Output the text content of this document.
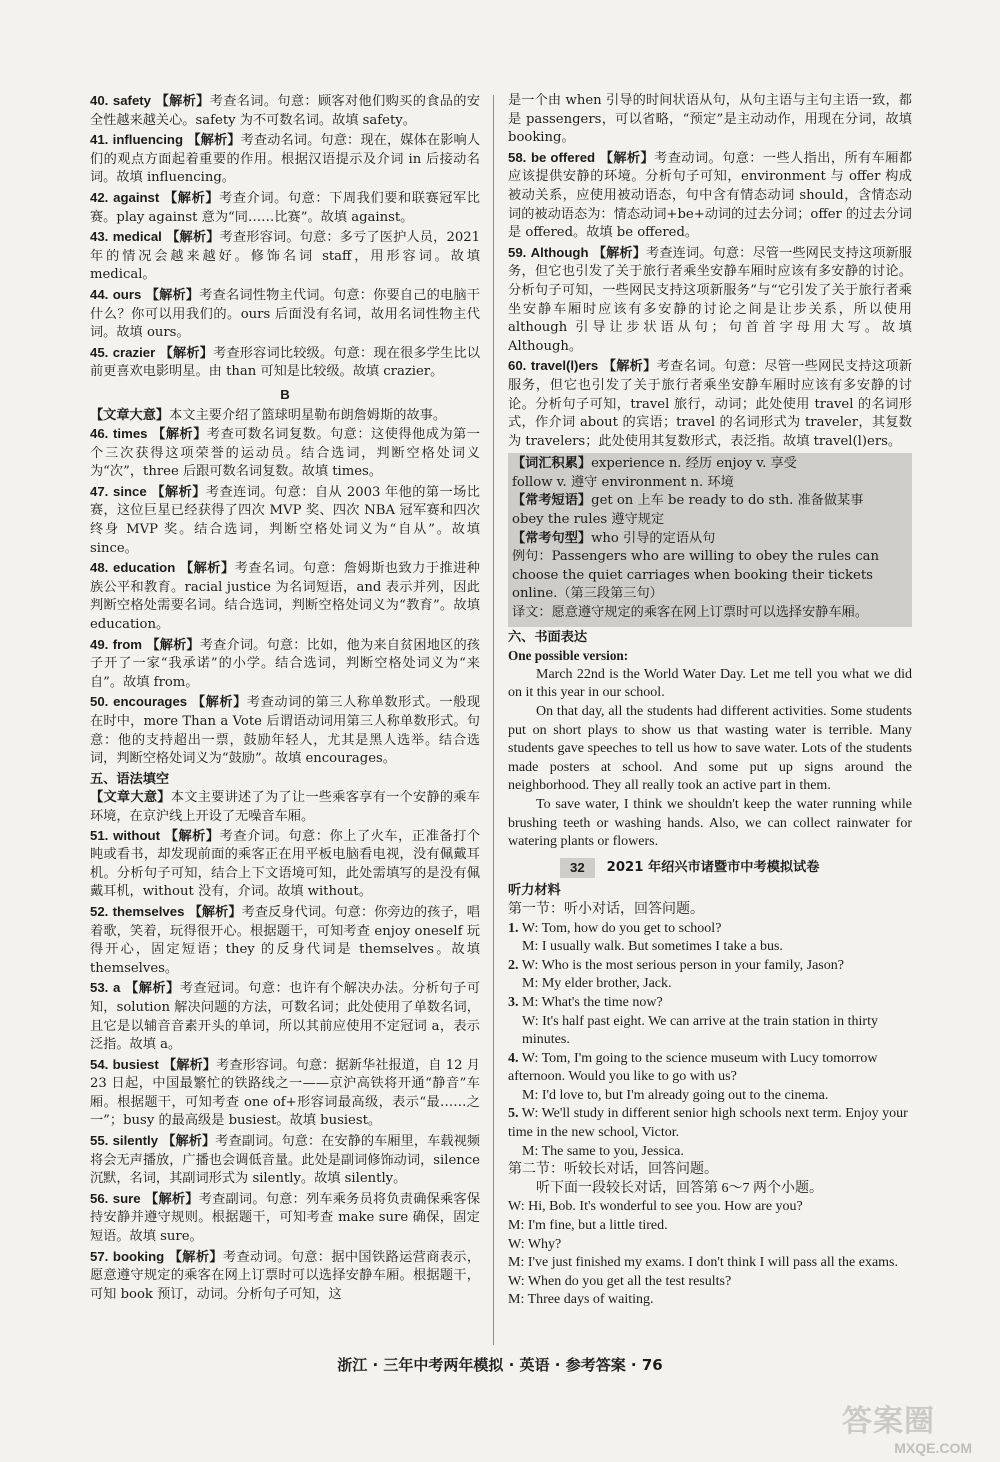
40. safety 【解析】考查名词。句意：顾客对他们购买的食品的安全性越来越关心。safety 为不可数名词。故填 safety。

41. influencing 【解析】考查动名词。句意：现在，媒体在影响人们的观点方面起着重要的作用。根据汉语提示及介词 in 后接动名词。故填 influencing。

42. against 【解析】考查介词。句意：下周我们要和联赛冠军比赛。play against 意为“同……比赛”。故填 against。

43. medical 【解析】考查形容词。句意：多亏了医护人员，2021 年的情况会越来越好。修饰名词 staff，用形容词。故填 medical。

44. ours 【解析】考查名词性物主代词。句意：你要自己的电脑干什么？你可以用我们的。ours 后面没有名词，故用名词性物主代词。故填 ours。

45. crazier 【解析】考查形容词比较级。句意：现在很多学生比以前更喜欢电影明星。由 than 可知是比较级。故填 crazier。

B

【文章大意】本文主要介绍了篮球明星勒布朗詹姆斯的故事。

46. times 【解析】考查可数名词复数。句意：这使得他成为第一个三次获得这项荣誉的运动员。结合选词，判断空格处词义为“次”，three 后跟可数名词复数。故填 times。

47. since 【解析】考查连词。句意：自从 2003 年他的第一场比赛，这位巨星已经获得了四次 MVP 奖、四次 NBA 冠军赛和四次终身 MVP 奖。结合选词，判断空格处词义为“自从”。故填 since。

48. education 【解析】考查名词。句意：詹姆斯也致力于推进种族公平和教育。racial justice 为名词短语，and 表示并列，因此判断空格处需要名词。结合选词，判断空格处词义为“教育”。故填 education。

49. from 【解析】考查介词。句意：比如，他为来自贫困地区的孩子开了一家“我承诺”的小学。结合选词，判断空格处词义为“来自”。故填 from。

50. encourages 【解析】考查动词的第三人称单数形式。一般现在时中，more Than a Vote 后谓语动词用第三人称单数形式。句意：他的支持超出一票，鼓励年轻人，尤其是黑人选举。结合选词，判断空格处词义为“鼓励”。故填 encourages。

五、语法填空

【文章大意】本文主要讲述了为了让一些乘客享有一个安静的乘车环境，在京沪线上开设了无噪音车厢。

51. without 【解析】考查介词。句意：你上了火车，正准备打个盹或看书，却发现前面的乘客正在用平板电脑看电视，没有佩戴耳机。分析句子可知，结合上下文语境可知，此处需填写的是没有佩戴耳机，without 没有，介词。故填 without。

52. themselves 【解析】考查反身代词。句意：你旁边的孩子，唱着歌，笑着，玩得很开心。根据题干，可知考查 enjoy oneself 玩得开心，固定短语；they 的反身代词是 themselves。故填 themselves。

53. a 【解析】考查冠词。句意：也许有个解决办法。分析句子可知，solution 解决问题的方法，可数名词；此处使用了单数名词，且它是以辅音音素开头的单词，所以其前应使用不定冠词 a，表示泛指。故填 a。

54. busiest 【解析】考查形容词。句意：据新华社报道，自 12 月 23 日起，中国最繁忙的铁路线之一——京沪高铁将开通“静音”车厢。根据题干，可知考查 one of+形容词最高级，表示“最……之一”；busy 的最高级是 busiest。故填 busiest。

55. silently 【解析】考查副词。句意：在安静的车厢里，车载视频将会无声播放，广播也会调低音量。此处是副词修饰动词，silence 沉默，名词，其副词形式为 silently。故填 silently。

56. sure 【解析】考查副词。句意：列车乘务员将负责确保乘客保持安静并遵守规则。根据题干，可知考查 make sure 确保，固定短语。故填 sure。

57. booking 【解析】考查动词。句意：据中国铁路运营商表示，愿意遵守规定的乘客在网上订票时可以选择安静车厢。根据题干，可知 book 预订，动词。分析句子可知，这

是一个由 when 引导的时间状语从句，从句主语与主句主语一致，都是 passengers，可以省略，“预定”是主动动作，用现在分词，故填 booking。

58. be offered 【解析】考查动词。句意：一些人指出，所有车厢都应该提供安静的环境。分析句子可知，environment 与 offer 构成被动关系，应使用被动语态，句中含有情态动词 should，含情态动词的被动语态为：情态动词+be+动词的过去分词；offer 的过去分词是 offered。故填 be offered。

59. Although 【解析】考查连词。句意：尽管一些网民支持这项新服务，但它也引发了关于旅行者乘坐安静车厢时应该有多安静的讨论。分析句子可知，一些网民支持这项新服务”与“它引发了关于旅行者乘坐安静车厢时应该有多安静的讨论之间是让步关系，所以使用 although 引导让步状语从句；句首首字母用大写。故填 Although。

60. travel(l)ers 【解析】考查名词。句意：尽管一些网民支持这项新服务，但它也引发了关于旅行者乘坐安静车厢时应该有多安静的讨论。分析句子可知，travel 旅行，动词；此处使用 travel 的名词形式，作介词 about 的宾语；travel 的名词形式为 traveler，其复数为 travelers；此处使用其复数形式，表泛指。故填 travel(l)ers。

【词汇积累】experience n. 经历 enjoy v. 享受

follow v. 遵守 environment n. 环境

【常考短语】get on 上车 be ready to do sth. 准备做某事

obey the rules 遵守规定

【常考句型】who 引导的定语从句

例句：Passengers who are willing to obey the rules can choose the quiet carriages when booking their tickets online.（第三段第三句）

译文：愿意遵守规定的乘客在网上订票时可以选择安静车厢。

六、书面表达
One possible version:

March 22nd is the World Water Day. Let me tell you what we did on it this year in our school.

On that day, all the students had different activities. Some students put on short plays to show us that wasting water is terrible. Many students gave speeches to tell us how to save water. Lots of the students made posters at school. And some put up signs around the neighborhood. They all really took an active part in them.

To save water, I think we shouldn't keep the water running while brushing teeth or washing hands. Also, we can collect rainwater for watering plants or flowers.

32	2021 年绍兴市诸暨市中考模拟试卷
听力材料

第一节：听小对话，回答问题。

1. W: Tom, how do you get to school?

M: I usually walk. But sometimes I take a bus.

2. W: Who is the most serious person in your family, Jason?

M: My elder brother, Jack.

3. M: What's the time now?

W: It's half past eight. We can arrive at the train station in thirty minutes.

4. W: Tom, I'm going to the science museum with Lucy tomorrow afternoon. Would you like to go with us?

M: I'd love to, but I'm already going out to the cinema.

5. W: We'll study in different senior high schools next term. Enjoy your time in the new school, Victor.

M: The same to you, Jessica.

第二节：听较长对话，回答问题。

听下面一段较长对话，回答第 6～7 两个小题。

W: Hi, Bob. It's wonderful to see you. How are you?

M: I'm fine, but a little tired.

W: Why?

M: I've just finished my exams. I don't think I will pass all the exams.

W: When do you get all the test results?

M: Three days of waiting.

浙江 · 三年中考两年模拟 · 英语 · 参考答案 · 76

答案圈
MXQE.COM
